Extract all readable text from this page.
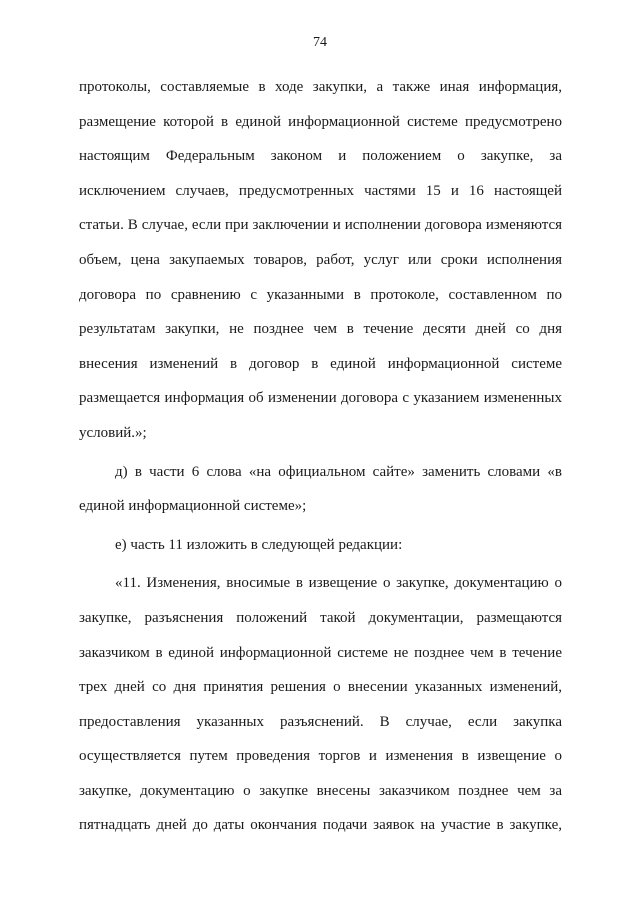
74
протоколы, составляемые в ходе закупки, а также иная информация,
размещение которой в единой информационной системе предусмотрено
настоящим Федеральным законом и положением о закупке, за
исключением случаев, предусмотренных частями 15 и 16 настоящей
статьи. В случае, если при заключении и исполнении договора изменяются
объем, цена закупаемых товаров, работ, услуг или сроки исполнения
договора по сравнению с указанными в протоколе, составленном по
результатам закупки, не позднее чем в течение десяти дней со дня
внесения изменений в договор в единой информационной системе
размещается информация об изменении договора с указанием измененных
условий.»;
д) в части 6 слова «на официальном сайте» заменить словами «в
единой информационной системе»;
е) часть 11 изложить в следующей редакции:
«11. Изменения, вносимые в извещение о закупке, документацию о
закупке, разъяснения положений такой документации, размещаются
заказчиком в единой информационной системе не позднее чем в течение
трех дней со дня принятия решения о внесении указанных изменений,
предоставления указанных разъяснений. В случае, если закупка
осуществляется путем проведения торгов и изменения в извещение о
закупке, документацию о закупке внесены заказчиком позднее чем за
пятнадцать дней до даты окончания подачи заявок на участие в закупке,
